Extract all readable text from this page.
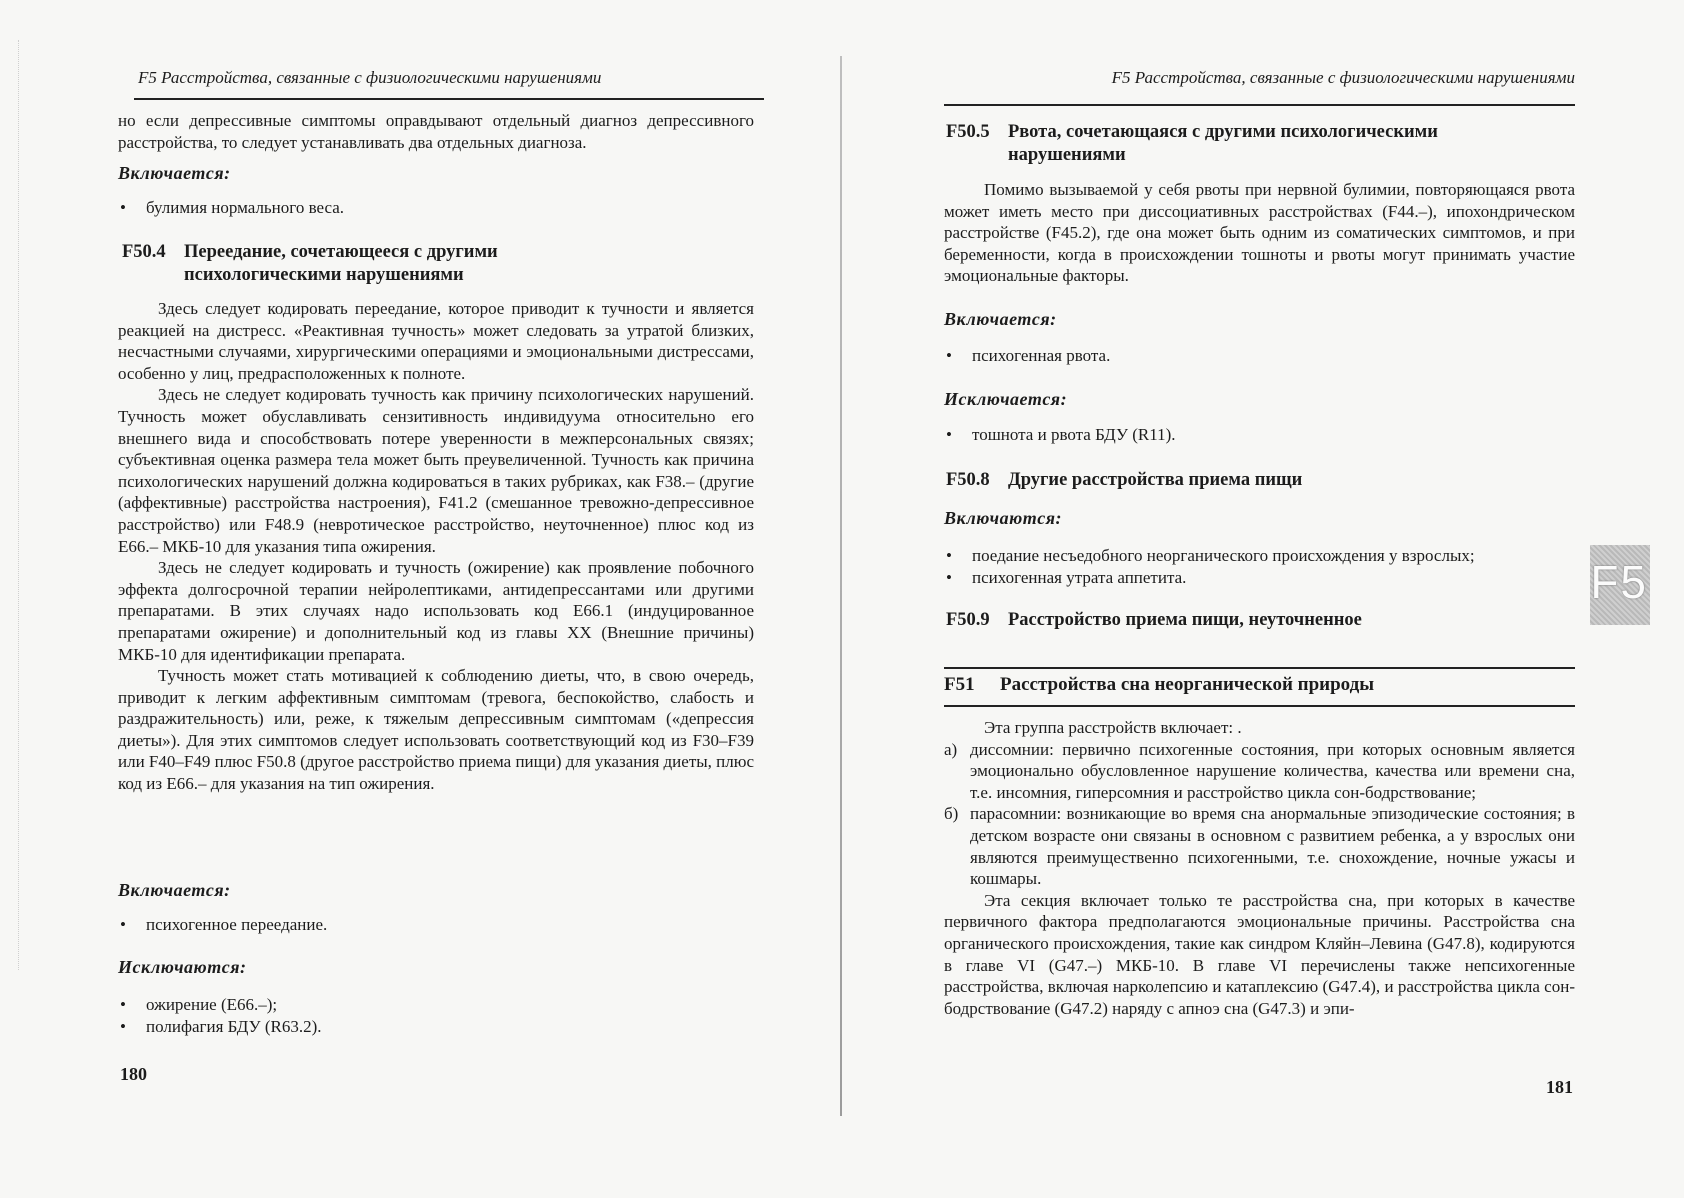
F5 Расстройства, связанные с физиологическими нарушениями

но если депрессивные симптомы оправдывают отдельный диагноз депрессивного расстройства, то следует устанавливать два отдельных диагноза.

Включается:
• булимия нормального веса.
F50.4 Переедание, сочетающееся с другими
психологическими нарушениями

Здесь следует кодировать переедание, которое приводит к тучности и является реакцией на дистресс. «Реактивная тучность» может следовать за утратой близких, несчастными случаями, хирургическими операциями и эмоциональными дистрессами, особенно у лиц, предрасположенных к полноте.

Здесь не следует кодировать тучность как причину психологических нарушений. Тучность может обуславливать сензитивность индивидуума относительно его внешнего вида и способствовать потере уверенности в межперсональных связях; субъективная оценка размера тела может быть преувеличенной. Тучность как причина психологических нарушений должна кодироваться в таких рубриках, как F38.– (другие (аффективные) расстройства настроения), F41.2 (смешанное тревожно-депрессивное расстройство) или F48.9 (невротическое расстройство, неуточненное) плюс код из E66.– МКБ-10 для указания типа ожирения.

Здесь не следует кодировать и тучность (ожирение) как проявление побочного эффекта долгосрочной терапии нейролептиками, антидепрессантами или другими препаратами. В этих случаях надо использовать код E66.1 (индуцированное препаратами ожирение) и дополнительный код из главы XX (Внешние причины) МКБ-10 для идентификации препарата.

Тучность может стать мотивацией к соблюдению диеты, что, в свою очередь, приводит к легким аффективным симптомам (тревога, беспокойство, слабость и раздражительность) или, реже, к тяжелым депрессивным симптомам («депрессия диеты»). Для этих симптомов следует использовать соответствующий код из F30–F39 или F40–F49 плюс F50.8 (другое расстройство приема пищи) для указания диеты, плюс код из E66.– для указания на тип ожирения.

Включается:
• психогенное переедание.
Исключаются:
• ожирение (E66.–);
• полифагия БДУ (R63.2).
180
F5 Расстройства, связанные с физиологическими нарушениями
F50.5 Рвота, сочетающаяся с другими психологическими
нарушениями

Помимо вызываемой у себя рвоты при нервной булимии, повторяющаяся рвота может иметь место при диссоциативных расстройствах (F44.–), ипохондрическом расстройстве (F45.2), где она может быть одним из соматических симптомов, и при беременности, когда в происхождении тошноты и рвоты могут принимать участие эмоциональные факторы.

Включается:
• психогенная рвота.
Исключается:
• тошнота и рвота БДУ (R11).
F50.8 Другие расстройства приема пищи
Включаются:
• поедание несъедобного неорганического происхождения у взрослых;
• психогенная утрата аппетита.
F50.9 Расстройство приема пищи, неуточненное
F51 Расстройства сна неорганической природы

Эта группа расстройств включает: .

а) диссомнии: первично психогенные состояния, при которых основным является эмоционально обусловленное нарушение количества, качества или времени сна, т.е. инсомния, гиперсомния и расстройство цикла сон-бодрствование;
б) парасомнии: возникающие во время сна анормальные эпизодические состояния; в детском возрасте они связаны в основном с развитием ребенка, а у взрослых они являются преимущественно психогенными, т.е. снохождение, ночные ужасы и кошмары.

Эта секция включает только те расстройства сна, при которых в качестве первичного фактора предполагаются эмоциональные причины. Расстройства сна органического происхождения, такие как синдром Кляйн–Левина (G47.8), кодируются в главе VI (G47.–) МКБ-10. В главе VI перечислены также непсихогенные расстройства, включая нарколепсию и катаплексию (G47.4), и расстройства цикла сон-бодрствование (G47.2) наряду с апноэ сна (G47.3) и эпи-

181
F5
